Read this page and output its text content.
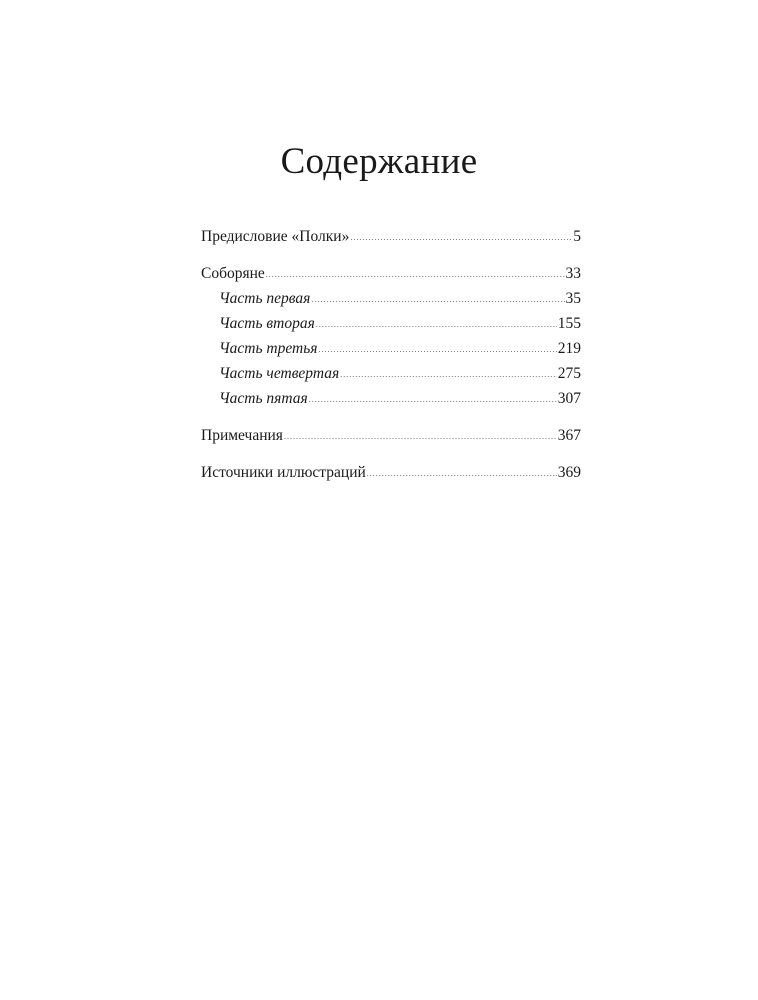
Содержание
Предисловие «Полки» .....	5
Соборяне .....	33
Часть первая .....	35
Часть вторая .....	155
Часть третья .....	219
Часть четвертая .....	275
Часть пятая .....	307
Примечания .....	367
Источники иллюстраций .....	369
